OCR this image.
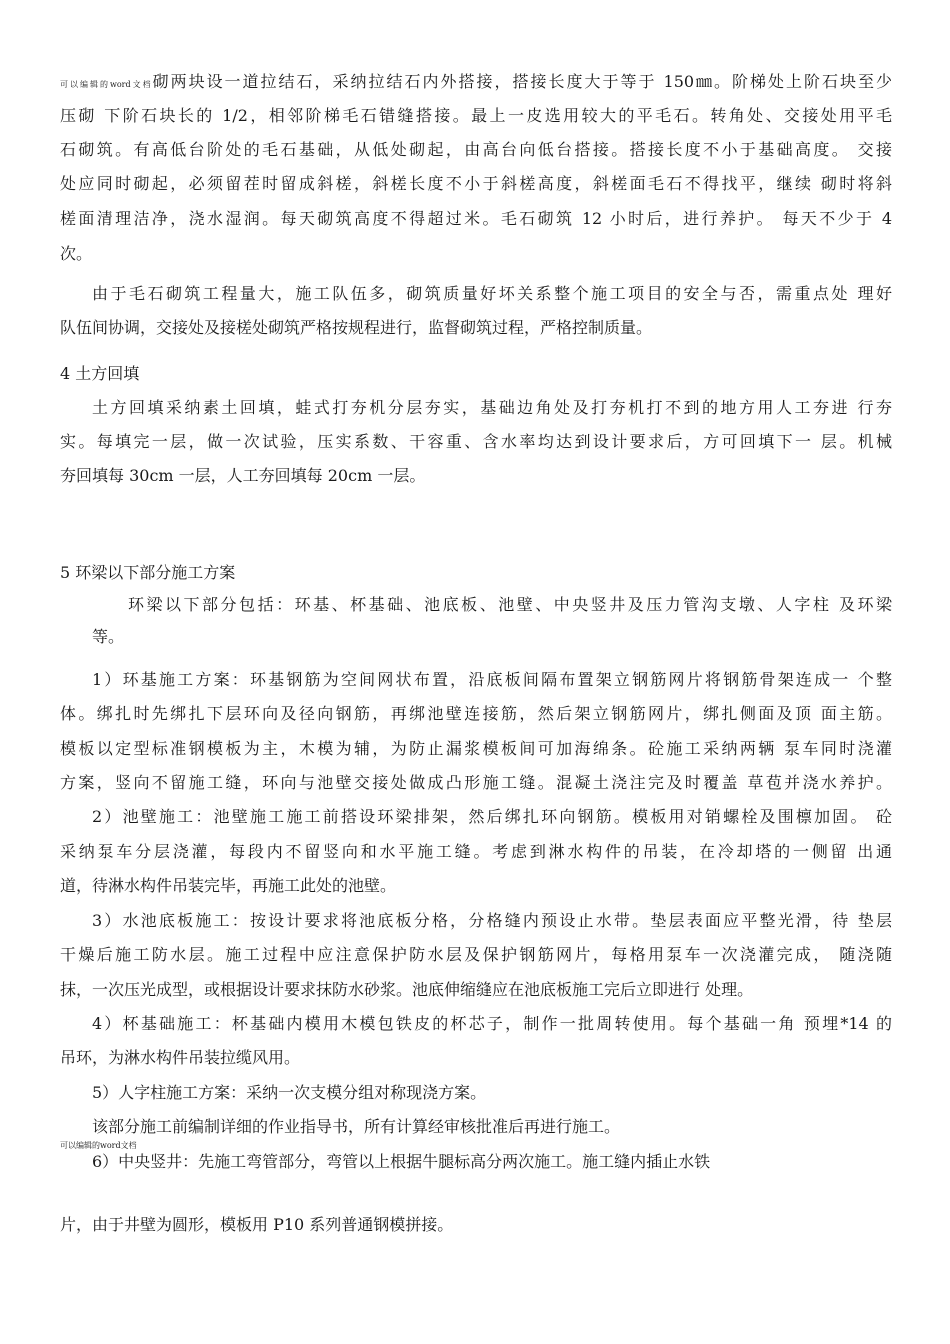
可以编辑的word文档砌两块设一道拉结石，采纳拉结石内外搭接，搭接长度大于等于 150㎜。阶梯处上阶石块至少
压砌 下阶石块长的 1/2，相邻阶梯毛石错缝搭接。最上一皮选用较大的平毛石。转角处、交接处用平毛
石砌筑。有高低台阶处的毛石基础，从低处砌起，由高台向低台搭接。搭接长度不小于基础高度。 交接
处应同时砌起，必须留茬时留成斜槎，斜槎长度不小于斜槎高度，斜槎面毛石不得找平，继续 砌时将斜
槎面清理洁净，浇水湿润。每天砌筑高度不得超过米。毛石砌筑 12 小时后，进行养护。 每天不少于 4
次。
由于毛石砌筑工程量大，施工队伍多，砌筑质量好坏关系整个施工项目的安全与否，需重点处 理好
队伍间协调，交接处及接槎处砌筑严格按规程进行，监督砌筑过程，严格控制质量。
4 土方回填
土方回填采纳素土回填，蛙式打夯机分层夯实，基础边角处及打夯机打不到的地方用人工夯进 行夯
实。每填完一层，做一次试验，压实系数、干容重、含水率均达到设计要求后，方可回填下一 层。机械
夯回填每 30cm 一层，人工夯回填每 20cm 一层。
5 环梁以下部分施工方案
环梁以下部分包括：环基、杯基础、池底板、池壁、中央竖井及压力管沟支墩、人字柱 及环梁
等。
1）环基施工方案：环基钢筋为空间网状布置，沿底板间隔布置架立钢筋网片将钢筋骨架连成一 个整
体。绑扎时先绑扎下层环向及径向钢筋，再绑池壁连接筋，然后架立钢筋网片，绑扎侧面及顶 面主筋。
模板以定型标准钢模板为主，木模为辅，为防止漏浆模板间可加海绵条。砼施工采纳两辆 泵车同时浇灌
方案，竖向不留施工缝，环向与池壁交接处做成凸形施工缝。混凝土浇注完及时覆盖 草苞并浇水养护。
2）池壁施工：池壁施工施工前搭设环梁排架，然后绑扎环向钢筋。模板用对销螺栓及围檩加固。 砼
采纳泵车分层浇灌，每段内不留竖向和水平施工缝。考虑到淋水构件的吊装，在冷却塔的一侧留 出通
道，待淋水构件吊装完毕，再施工此处的池壁。
3）水池底板施工：按设计要求将池底板分格，分格缝内预设止水带。垫层表面应平整光滑，待 垫层
干燥后施工防水层。施工过程中应注意保护防水层及保护钢筋网片，每格用泵车一次浇灌完成， 随浇随
抹，一次压光成型，或根据设计要求抹防水砂浆。池底伸缩缝应在池底板施工完后立即进行 处理。
4）杯基础施工：杯基础内模用木模包铁皮的杯芯子，制作一批周转使用。每个基础一角 预埋*14 的
吊环，为淋水构件吊装拉缆风用。
5）人字柱施工方案：采纳一次支模分组对称现浇方案。
该部分施工前编制详细的作业指导书，所有计算经审核批准后再进行施工。
可以编辑的word文档
6）中央竖井：先施工弯管部分，弯管以上根据牛腿标高分两次施工。施工缝内插止水铁
片，由于井壁为圆形，模板用 P10 系列普通钢模拼接。
